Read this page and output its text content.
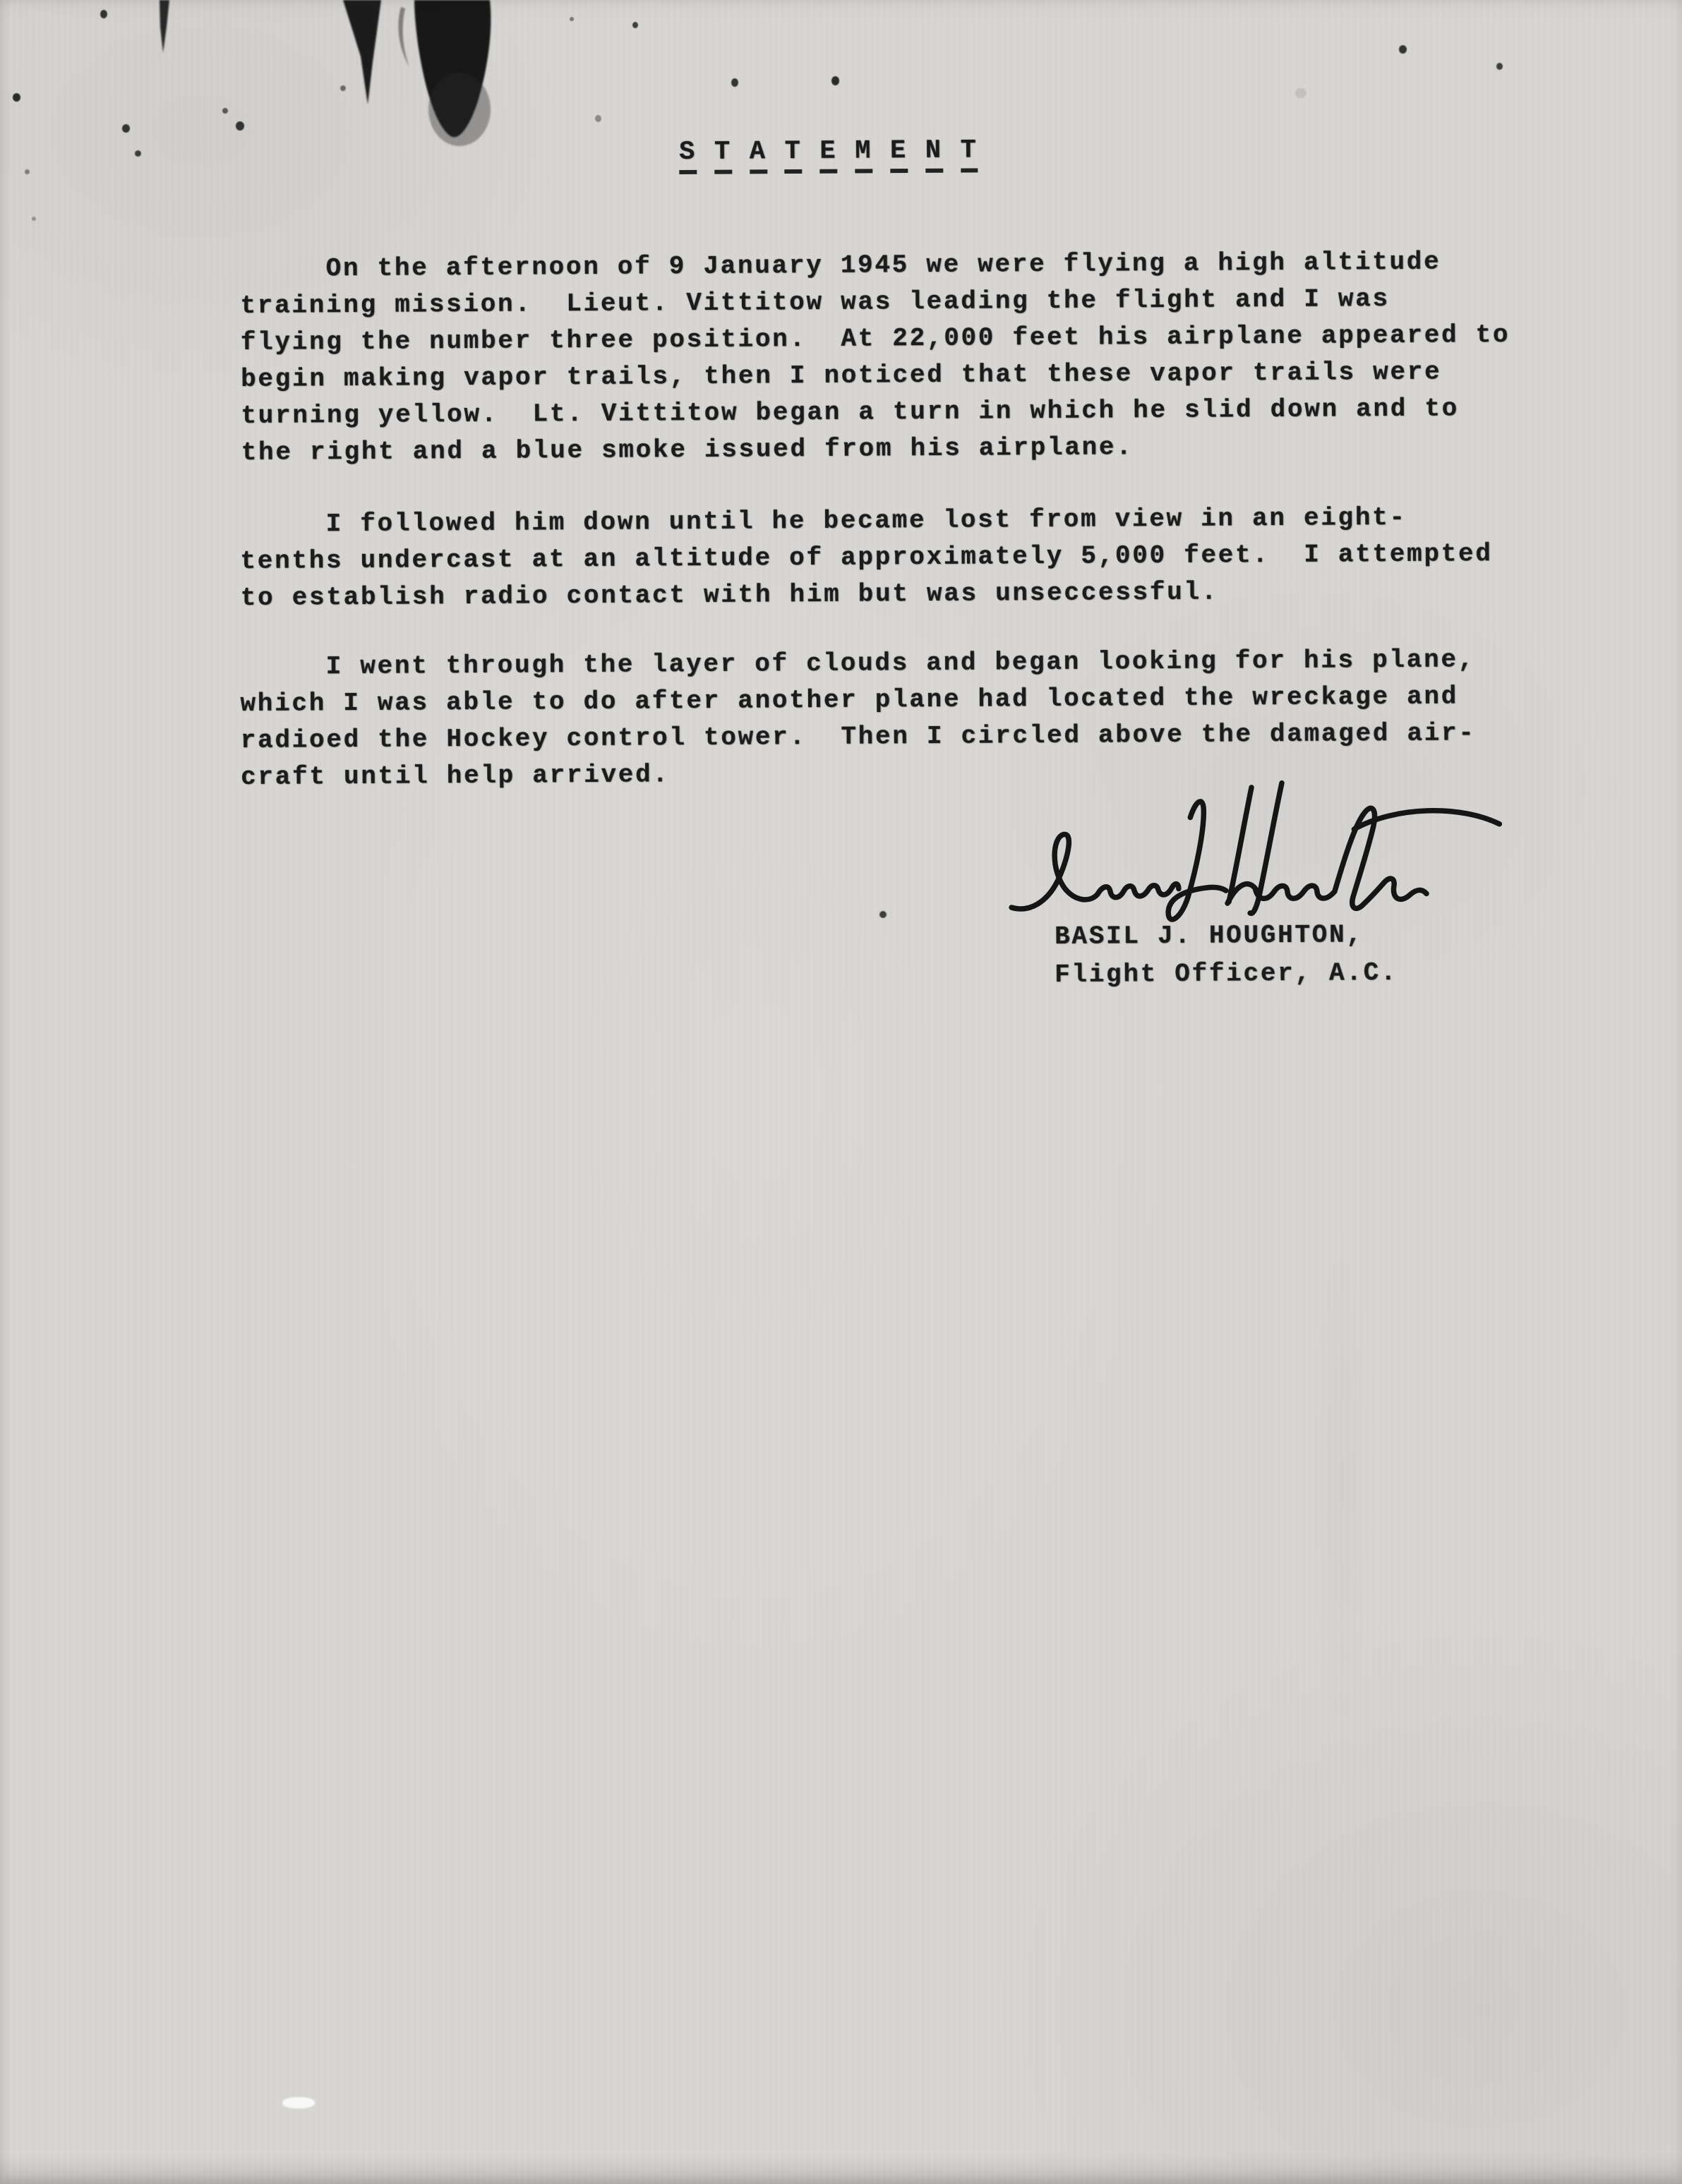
S T A T E M E N T

On the afternoon of 9 January 1945 we were flying a high altitude
training mission.  Lieut. Vittitow was leading the flight and I was
flying the number three position.  At 22,000 feet his airplane appeared to
begin making vapor trails, then I noticed that these vapor trails were
turning yellow.  Lt. Vittitow began a turn in which he slid down and to
the right and a blue smoke issued from his airplane.

I followed him down until he became lost from view in an eight-
tenths undercast at an altitude of approximately 5,000 feet.  I attempted
to establish radio contact with him but was unseccessful.

I went through the layer of clouds and began looking for his plane,
which I was able to do after another plane had located the wreckage and
radioed the Hockey control tower.  Then I circled above the damaged air-
craft until help arrived.

BASIL J. HOUGHTON,

Flight Officer, A.C.
